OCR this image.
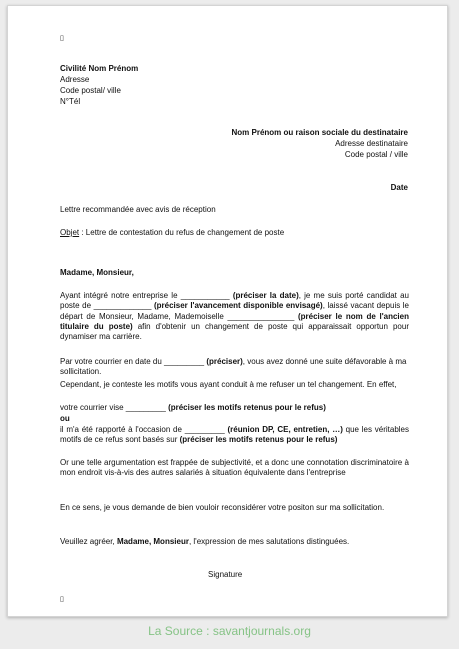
▯
Civilité Nom Prénom
Adresse
Code postal/ ville
N°Tél
Nom Prénom ou raison sociale du destinataire
Adresse destinataire
Code postal / ville
Date
Lettre recommandée avec avis de réception
Objet : Lettre de contestation du refus de changement de poste
Madame, Monsieur,
Ayant intégré notre entreprise le ___________ (préciser la date), je me suis porté candidat au poste de _____________ (préciser l'avancement disponible envisagé), laissé vacant depuis le départ de Monsieur, Madame, Mademoiselle _______________ (préciser le nom de l'ancien titulaire du poste) afin d'obtenir un changement de poste qui apparaissait opportun pour dynamiser ma carrière.
Par votre courrier en date du _________ (préciser), vous avez donné une suite défavorable à ma sollicitation.
Cependant, je conteste les motifs vous ayant conduit à me refuser un tel changement. En effet,
votre courrier vise _________ (préciser les motifs retenus pour le refus)
ou
il m'a été rapporté à l'occasion de _________ (réunion DP, CE, entretien, …) que les véritables motifs de ce refus sont basés sur (préciser les motifs retenus pour le refus)
Or une telle argumentation est frappée de subjectivité, et a donc une connotation discriminatoire à mon endroit vis-à-vis des autres salariés à situation équivalente dans l'entreprise
En ce sens, je vous demande de bien vouloir reconsidérer votre positon sur ma sollicitation.
Veuillez agréer, Madame, Monsieur, l'expression de mes salutations distinguées.
Signature
▯
La Source : savantjournals.org
